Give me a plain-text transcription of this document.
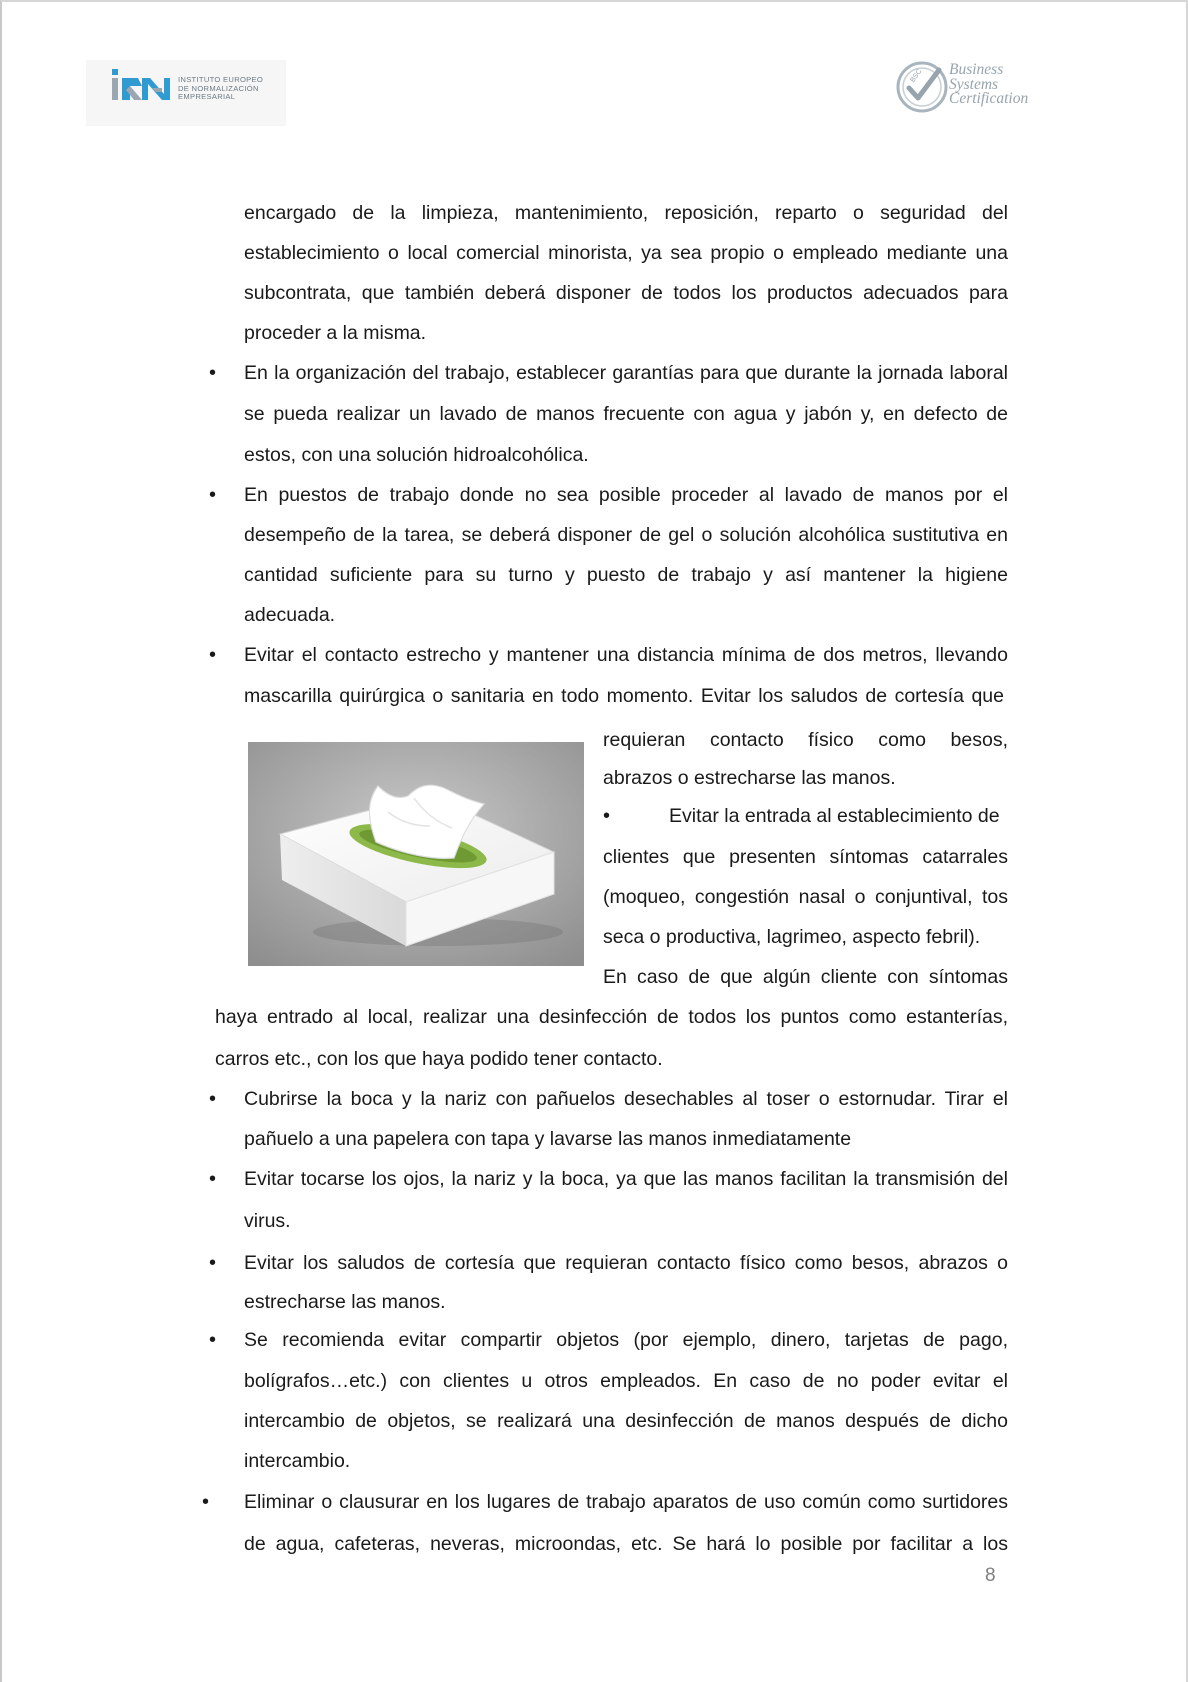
INSTITUTO EUROPEO
DE NORMALIZACIÓN
EMPRESARIAL
BSC Business
Systems
Certification
encargado de la limpieza, mantenimiento, reposición, reparto o seguridad del
establecimiento o local comercial minorista, ya sea propio o empleado mediante una
subcontrata, que también deberá disponer de todos los productos adecuados para
proceder a la misma.
• En la organización del trabajo, establecer garantías para que durante la jornada laboral
se pueda realizar un lavado de manos frecuente con agua y jabón y, en defecto de
estos, con una solución hidroalcohólica.
• En puestos de trabajo donde no sea posible proceder al lavado de manos por el
desempeño de la tarea, se deberá disponer de gel o solución alcohólica sustitutiva en
cantidad suficiente para su turno y puesto de trabajo y así mantener la higiene
adecuada.
• Evitar el contacto estrecho y mantener una distancia mínima de dos metros, llevando
mascarilla quirúrgica o sanitaria en todo momento. Evitar los saludos de cortesía que
requieran contacto físico como besos,
abrazos o estrecharse las manos.
•	Evitar la entrada al establecimiento de
clientes que presenten síntomas catarrales
(moqueo, congestión nasal o conjuntival, tos
seca o productiva, lagrimeo, aspecto febril).
En caso de que algún cliente con síntomas
haya entrado al local, realizar una desinfección de todos los puntos como estanterías,
carros etc., con los que haya podido tener contacto.
• Cubrirse la boca y la nariz con pañuelos desechables al toser o estornudar. Tirar el
pañuelo a una papelera con tapa y lavarse las manos inmediatamente
• Evitar tocarse los ojos, la nariz y la boca, ya que las manos facilitan la transmisión del
virus.
• Evitar los saludos de cortesía que requieran contacto físico como besos, abrazos o
estrecharse las manos.
• Se recomienda evitar compartir objetos (por ejemplo, dinero, tarjetas de pago,
bolígrafos…etc.) con clientes u otros empleados. En caso de no poder evitar el
intercambio de objetos, se realizará una desinfección de manos después de dicho
intercambio.
• Eliminar o clausurar en los lugares de trabajo aparatos de uso común como surtidores
de agua, cafeteras, neveras, microondas, etc. Se hará lo posible por facilitar a los
8
